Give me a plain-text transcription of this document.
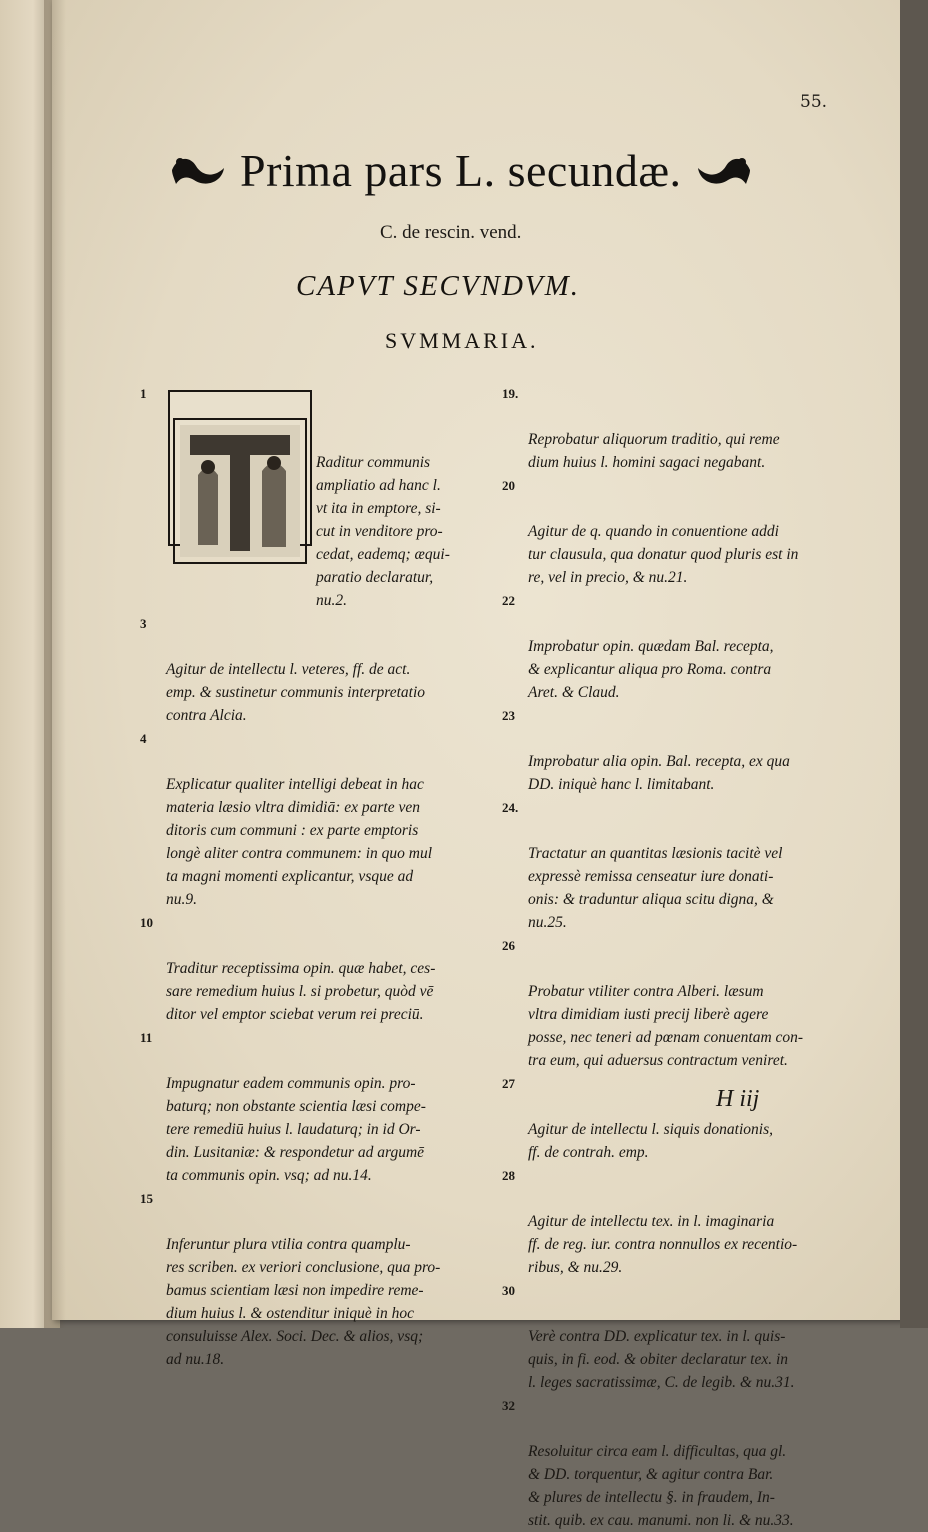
55.
Prima pars L. secundæ.
C. de rescin. vend.
CAPVT SECVNDVM.
SVMMARIA.

1

Raditur communis
ampliatio ad hanc l.
vt ita in emptore, si-
cut in venditore pro-
cedat, eademq; æqui-
paratio declaratur,
nu.2.

3

Agitur de intellectu l. veteres, ff. de act.
emp. & sustinetur communis interpretatio
contra Alcia.

4

Explicatur qualiter intelligi debeat in hac
materia læsio vltra dimidiā: ex parte ven
ditoris cum communi : ex parte emptoris
longè aliter contra communem: in quo mul
ta magni momenti explicantur, vsque ad
nu.9.

10

Traditur receptissima opin. quæ habet, ces-
sare remedium huius l. si probetur, quòd vē
ditor vel emptor sciebat verum rei preciū.

11

Impugnatur eadem communis opin. pro-
baturq; non obstante scientia læsi compe-
tere remediū huius l. laudaturq; in id Or-
din. Lusitaniæ: & respondetur ad argumē
ta communis opin. vsq; ad nu.14.

15

Inferuntur plura vtilia contra quamplu-
res scriben. ex veriori conclusione, qua pro-
bamus scientiam læsi non impedire reme-
dium huius l. & ostenditur iniquè in hoc
consuluisse Alex. Soci. Dec. & alios, vsq;
ad nu.18.

19.

Reprobatur aliquorum traditio, qui reme
dium huius l. homini sagaci negabant.

20

Agitur de q. quando in conuentione addi
tur clausula, qua donatur quod pluris est in
re, vel in precio, & nu.21.

22

Improbatur opin. quædam Bal. recepta,
& explicantur aliqua pro Roma. contra
Aret. & Claud.

23

Improbatur alia opin. Bal. recepta, ex qua
DD. iniquè hanc l. limitabant.

24.

Tractatur an quantitas læsionis tacitè vel
expressè remissa censeatur iure donati-
onis: & traduntur aliqua scitu digna, &
nu.25.

26

Probatur vtiliter contra Alberi. læsum
vltra dimidiam iusti precij liberè agere
posse, nec teneri ad pœnam conuentam con-
tra eum, qui aduersus contractum veniret.

27

Agitur de intellectu l. siquis donationis,
ff. de contrah. emp.

28

Agitur de intellectu tex. in l. imaginaria
ff. de reg. iur. contra nonnullos ex recentio-
ribus, & nu.29.

30

Verè contra DD. explicatur tex. in l. quis-
quis, in fi. eod. & obiter declaratur tex. in
l. leges sacratissimæ, C. de legib. & nu.31.

32

Resoluitur circa eam l. difficultas, qua gl.
& DD. torquentur, & agitur contra Bar.
& plures de intellectu §. in fraudem, In-
stit. quib. ex cau. manumi. non li. & nu.33.

H iij
